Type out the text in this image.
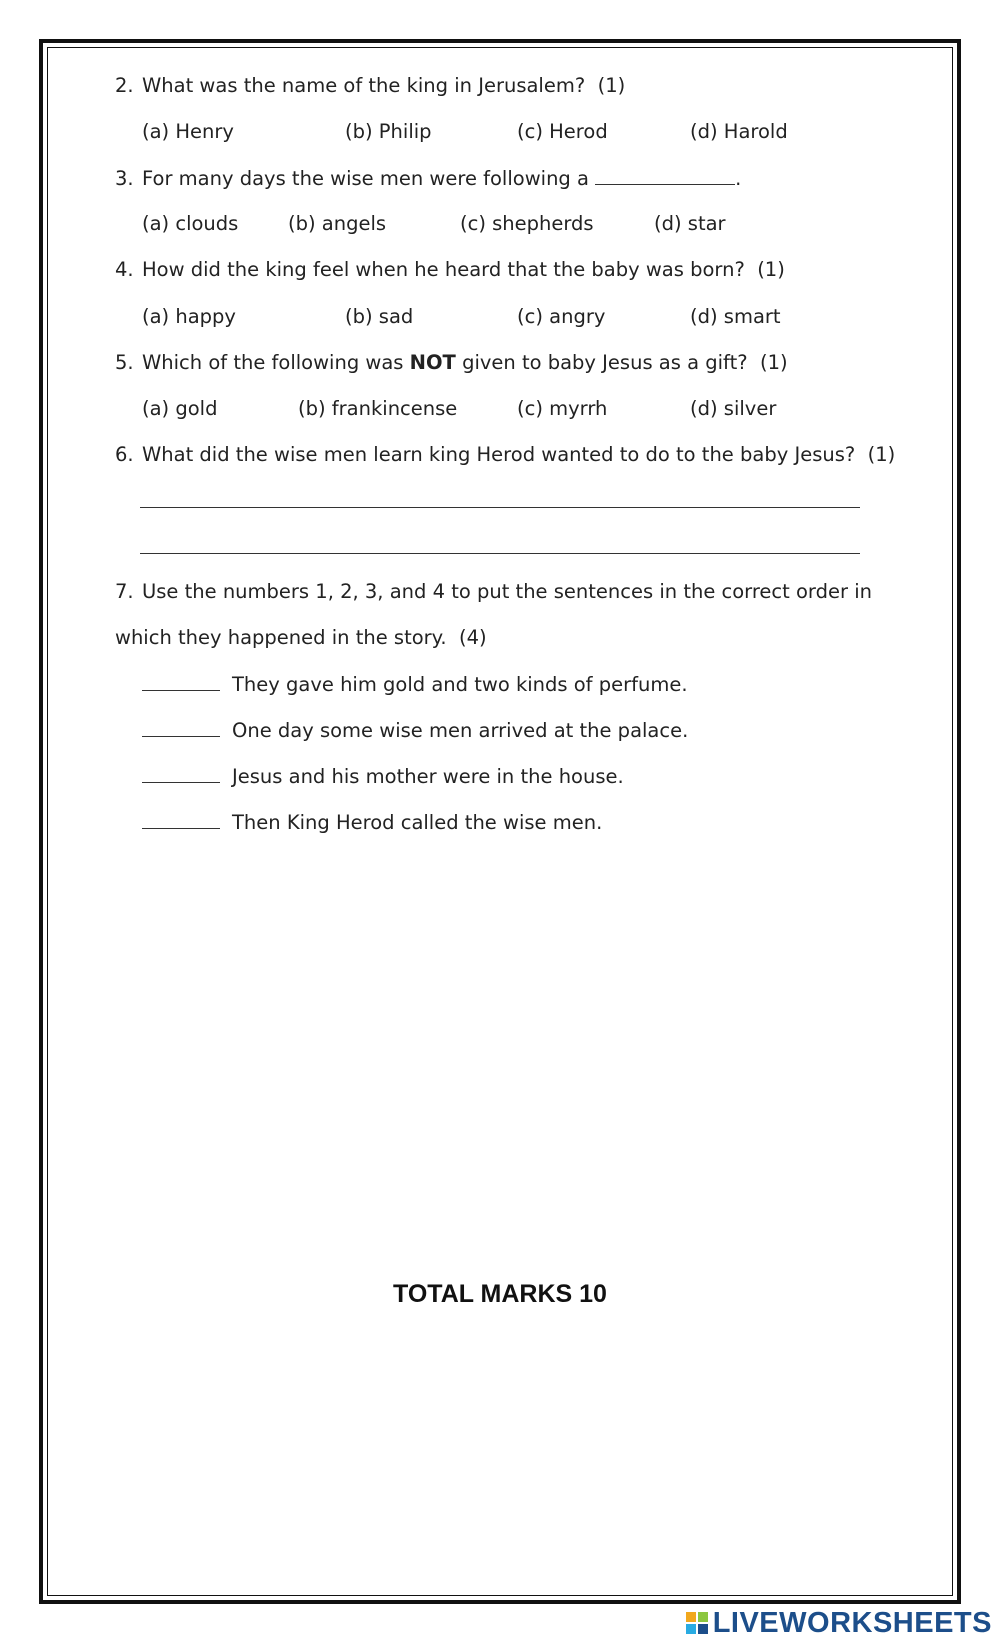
2. What was the name of the king in Jerusalem? (1)
(a) Henry	(b) Philip	(c) Herod	(d) Harold
3. For many days the wise men were following a	.
(a) clouds	(b) angels	(c) shepherds	(d) star
4. How did the king feel when he heard that the baby was born? (1)
(a) happy	(b) sad	(c) angry	(d) smart
5. Which of the following was NOT given to baby Jesus as a gift? (1)
(a) gold	(b) frankincense	(c) myrrh	(d) silver
6. What did the wise men learn king Herod wanted to do to the baby Jesus? (1)
7. Use the numbers 1, 2, 3, and 4 to put the sentences in the correct order in
which they happened in the story. (4)
They gave him gold and two kinds of perfume.
One day some wise men arrived at the palace.
Jesus and his mother were in the house.
Then King Herod called the wise men.
TOTAL MARKS 10
LIVEWORKSHEETS
